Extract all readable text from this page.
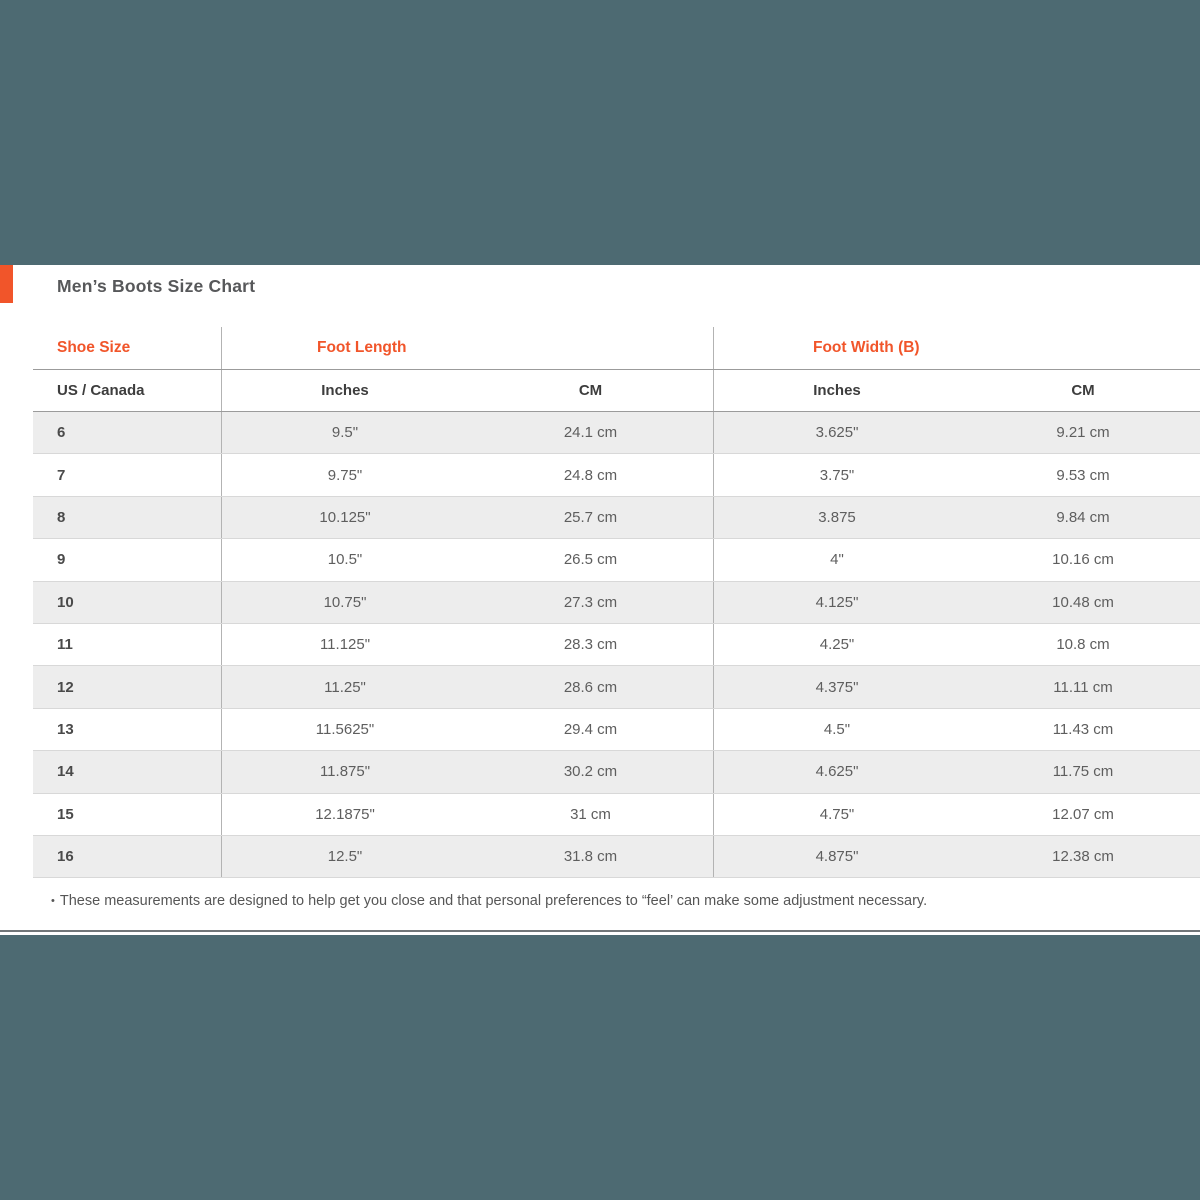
Men’s Boots Size Chart
Shoe Size	Foot Length	Foot Width (B)
US / Canada	Inches	CM	Inches	CM
6	9.5"	24.1 cm	3.625"	9.21 cm
7	9.75"	24.8 cm	3.75"	9.53 cm
8	10.125"	25.7 cm	3.875	9.84 cm
9	10.5"	26.5 cm	4"	10.16 cm
10	10.75"	27.3 cm	4.125"	10.48 cm
11	11.125"	28.3 cm	4.25"	10.8 cm
12	11.25"	28.6 cm	4.375"	11.11 cm
13	11.5625"	29.4 cm	4.5"	11.43 cm
14	11.875"	30.2 cm	4.625"	11.75 cm
15	12.1875"	31 cm	4.75"	12.07 cm
16	12.5"	31.8 cm	4.875"	12.38 cm

• These measurements are designed to help get you close and that personal preferences to “feel’ can make some adjustment necessary.
